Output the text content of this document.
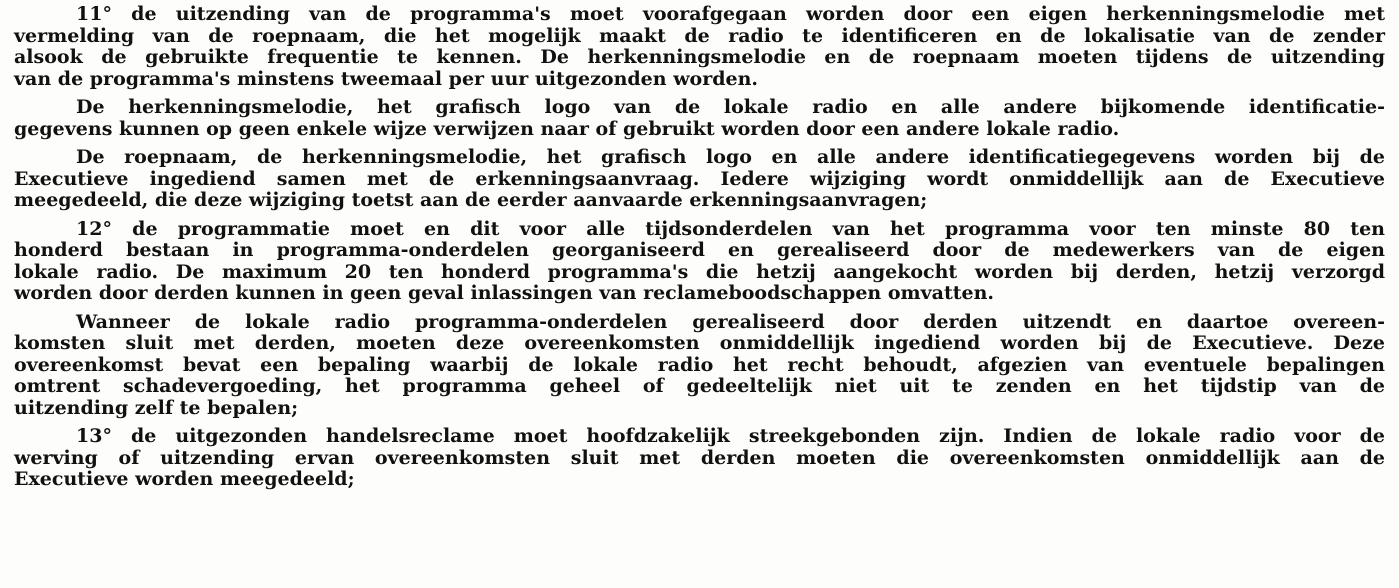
11° de uitzending van de programma's moet voorafgegaan worden door een eigen herkenningsmelodie met
vermelding van de roepnaam, die het mogelijk maakt de radio te identificeren en de lokalisatie van de zender
alsook de gebruikte frequentie te kennen. De herkenningsmelodie en de roepnaam moeten tijdens de uitzending
van de programma's minstens tweemaal per uur uitgezonden worden.
De herkenningsmelodie, het grafisch logo van de lokale radio en alle andere bijkomende identificatie-
gegevens kunnen op geen enkele wijze verwijzen naar of gebruikt worden door een andere lokale radio.
De roepnaam, de herkenningsmelodie, het grafisch logo en alle andere identificatiegegevens worden bij de
Executieve ingediend samen met de erkenningsaanvraag. Iedere wijziging wordt onmiddellijk aan de Executieve
meegedeeld, die deze wijziging toetst aan de eerder aanvaarde erkenningsaanvragen;
12° de programmatie moet en dit voor alle tijdsonderdelen van het programma voor ten minste 80 ten
honderd bestaan in programma-onderdelen georganiseerd en gerealiseerd door de medewerkers van de eigen
lokale radio. De maximum 20 ten honderd programma's die hetzij aangekocht worden bij derden, hetzij verzorgd
worden door derden kunnen in geen geval inlassingen van reclameboodschappen omvatten.
Wanneer de lokale radio programma-onderdelen gerealiseerd door derden uitzendt en daartoe overeen-
komsten sluit met derden, moeten deze overeenkomsten onmiddellijk ingediend worden bij de Executieve. Deze
overeenkomst bevat een bepaling waarbij de lokale radio het recht behoudt, afgezien van eventuele bepalingen
omtrent schadevergoeding, het programma geheel of gedeeltelijk niet uit te zenden en het tijdstip van de
uitzending zelf te bepalen;
13° de uitgezonden handelsreclame moet hoofdzakelijk streekgebonden zijn. Indien de lokale radio voor de
werving of uitzending ervan overeenkomsten sluit met derden moeten die overeenkomsten onmiddellijk aan de
Executieve worden meegedeeld;
